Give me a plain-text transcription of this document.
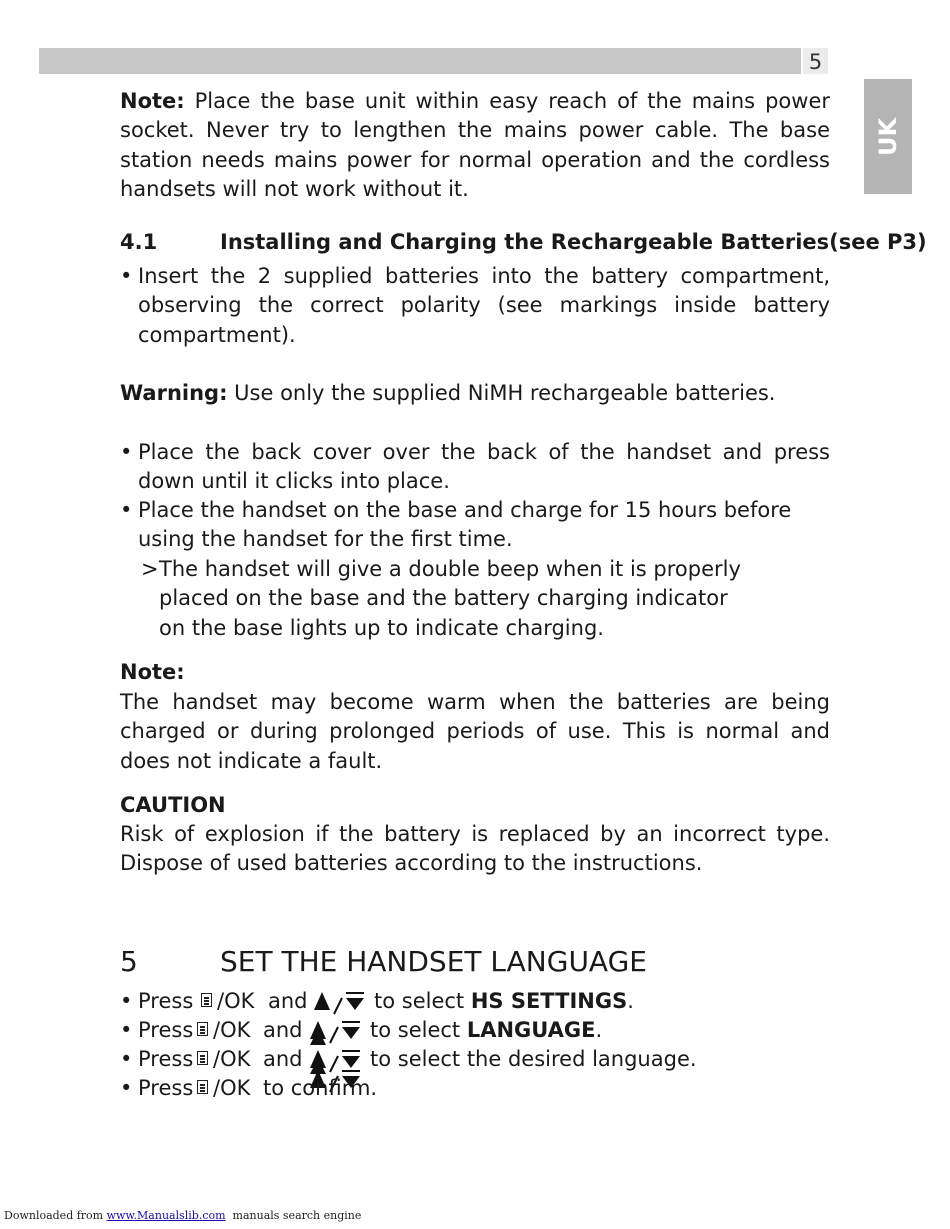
5
UK

Note: Place the base unit within easy reach of the mains power socket. Never try to lengthen the mains power cable. The base station needs mains power for normal operation and the cordless handsets will not work without it.

4.1	Installing and Charging the Rechargeable Batteries(see P3)
• Insert the 2 supplied batteries into the battery compartment, observing the correct polarity (see markings inside battery compartment).

Warning: Use only the supplied NiMH rechargeable batteries.

• Place the back cover over the back of the handset and press down until it clicks into place.
• Place the handset on the base and charge for 15 hours before using the handset for the first time.
> The handset will give a double beep when it is properly
placed on the base and the battery charging indicator
on the base lights up to indicate charging.

Note:

The handset may become warm when the batteries are being charged or during prolonged periods of use. This is normal and does not indicate a fault.

CAUTION

Risk of explosion if the battery is replaced by an incorrect type. Dispose of used batteries according to the instructions.

5	SET THE HANDSET LANGUAGE
• Press /OK and	to select HS SETTINGS.
• Press /OK and	to select LANGUAGE.
• Press /OK and	to select the desired language.
• Press /OK to confirm.
Downloaded from www.Manualslib.com  manuals search engine
